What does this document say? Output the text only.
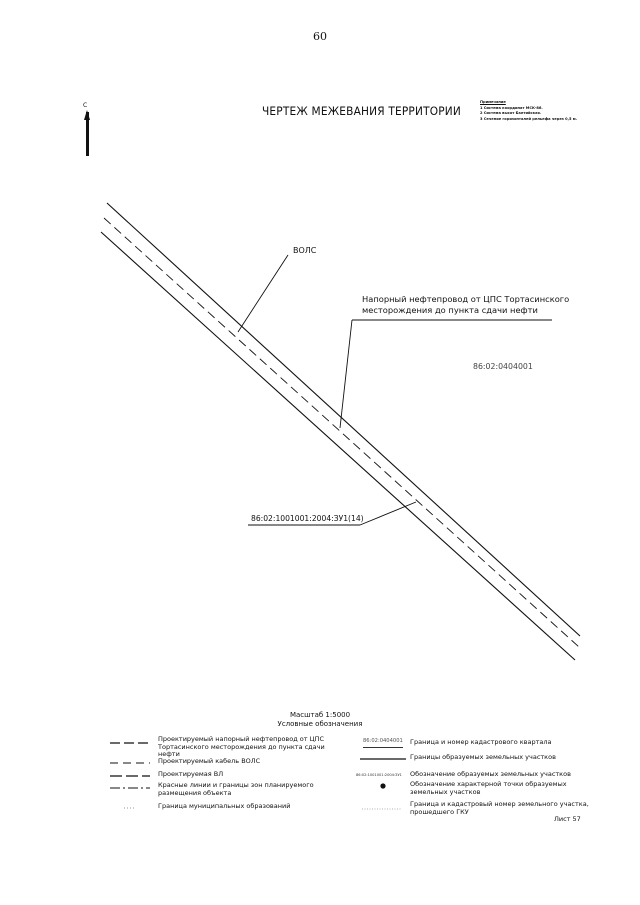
60
ЧЕРТЕЖ МЕЖЕВАНИЯ ТЕРРИТОРИИ
Примечание
1 Система координат МСК-86.
2 Система высот Балтийская.
3 Сечение горизонталей рельефа через 0,5 м.
С
ВОЛС
Напорный нефтепровод от ЦПС Тортасинского
месторождения до пункта сдачи нефти
86:02:0404001
86:02:1001001:2004:ЗУ1(14)
Масштаб 1:5000
Условные обозначения
Проектируемый напорный нефтепровод от ЦПС Тортасинского месторождения до пункта сдачи нефти
Проектируемый кабель ВОЛС
Проектируемая ВЛ
Красные линии и границы зон планируемого размещения объекта
Граница муниципальных образований
86:02:0404001 Граница и номер кадастрового квартала
Границы образуемых земельных участков
86:02:1001001:2004:ЗУ1 Обозначение образуемых земельных участков
Обозначение характерной точки образуемых земельных участков
Граница и кадастровый номер земельного участка, прошедшего ГКУ
Лист 57
